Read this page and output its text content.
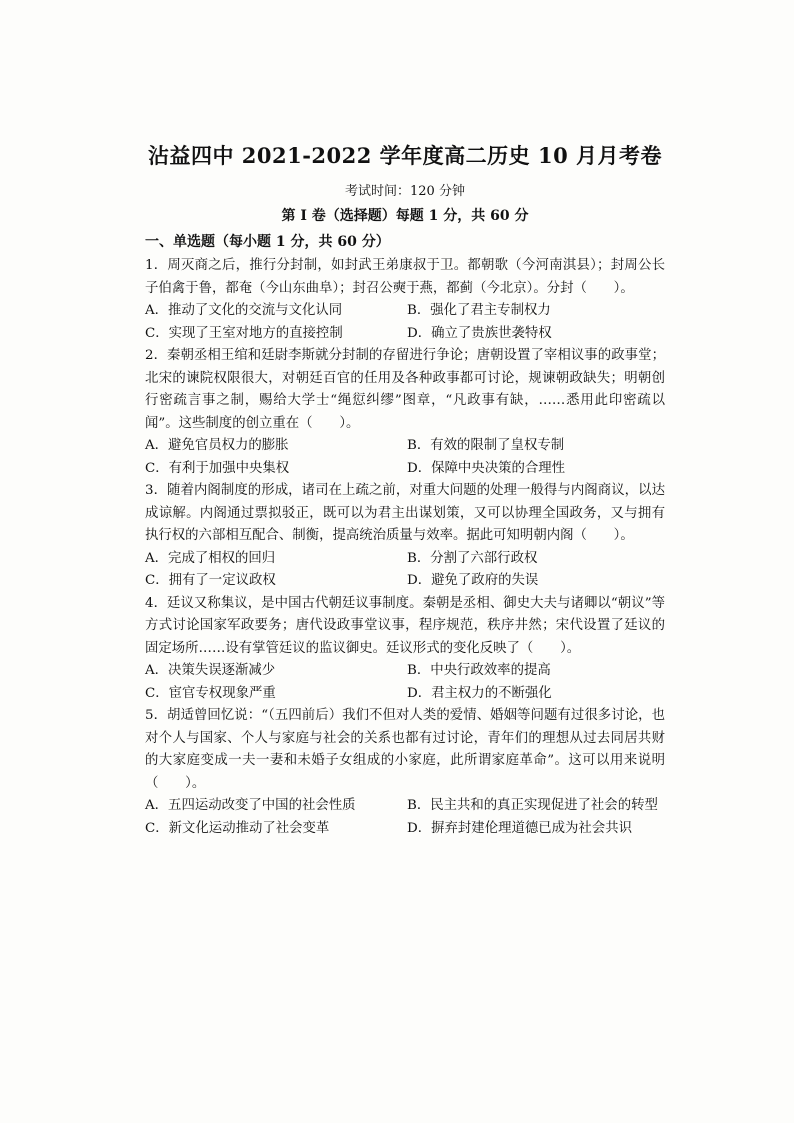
沾益四中 2021-2022 学年度高二历史 10 月月考卷
考试时间：120 分钟
第 I 卷（选择题）每题 1 分，共 60 分
一、单选题（每小题 1 分，共 60 分）

1．周灭商之后，推行分封制，如封武王弟康叔于卫。都朝歌（今河南淇县）；封周公长子伯禽于鲁，都奄（今山东曲阜）；封召公奭于燕，都蓟（今北京）。分封（　　）。

A．推动了文化的交流与文化认同	B．强化了君主专制权力
C．实现了王室对地方的直接控制	D．确立了贵族世袭特权

2．秦朝丞相王绾和廷尉李斯就分封制的存留进行争论；唐朝设置了宰相议事的政事堂；北宋的谏院权限很大，对朝廷百官的任用及各种政事都可讨论，规谏朝政缺失；明朝创行密疏言事之制，赐给大学士“绳愆纠缪”图章，“凡政事有缺，……悉用此印密疏以闻”。这些制度的创立重在（　　）。

A．避免官员权力的膨胀	B．有效的限制了皇权专制
C．有利于加强中央集权	D．保障中央决策的合理性

3．随着内阁制度的形成，诸司在上疏之前，对重大问题的处理一般得与内阁商议，以达成谅解。内阁通过票拟驳正，既可以为君主出谋划策，又可以协理全国政务，又与拥有执行权的六部相互配合、制衡，提高统治质量与效率。据此可知明朝内阁（　　）。

A．完成了相权的回归	B．分割了六部行政权
C．拥有了一定议政权	D．避免了政府的失误

4．廷议又称集议，是中国古代朝廷议事制度。秦朝是丞相、御史大夫与诸卿以“朝议”等方式讨论国家军政要务；唐代设政事堂议事，程序规范，秩序井然；宋代设置了廷议的固定场所……设有掌管廷议的监议御史。廷议形式的变化反映了（　　）。

A．决策失误逐渐减少	B．中央行政效率的提高
C．宦官专权现象严重	D．君主权力的不断强化

5．胡适曾回忆说：“（五四前后）我们不但对人类的爱情、婚姻等问题有过很多讨论，也对个人与国家、个人与家庭与社会的关系也都有过讨论，青年们的理想从过去同居共财的大家庭变成一夫一妻和未婚子女组成的小家庭，此所谓家庭革命”。这可以用来说明（　　）。

A．五四运动改变了中国的社会性质	B．民主共和的真正实现促进了社会的转型
C．新文化运动推动了社会变革	D．摒弃封建伦理道德已成为社会共识
